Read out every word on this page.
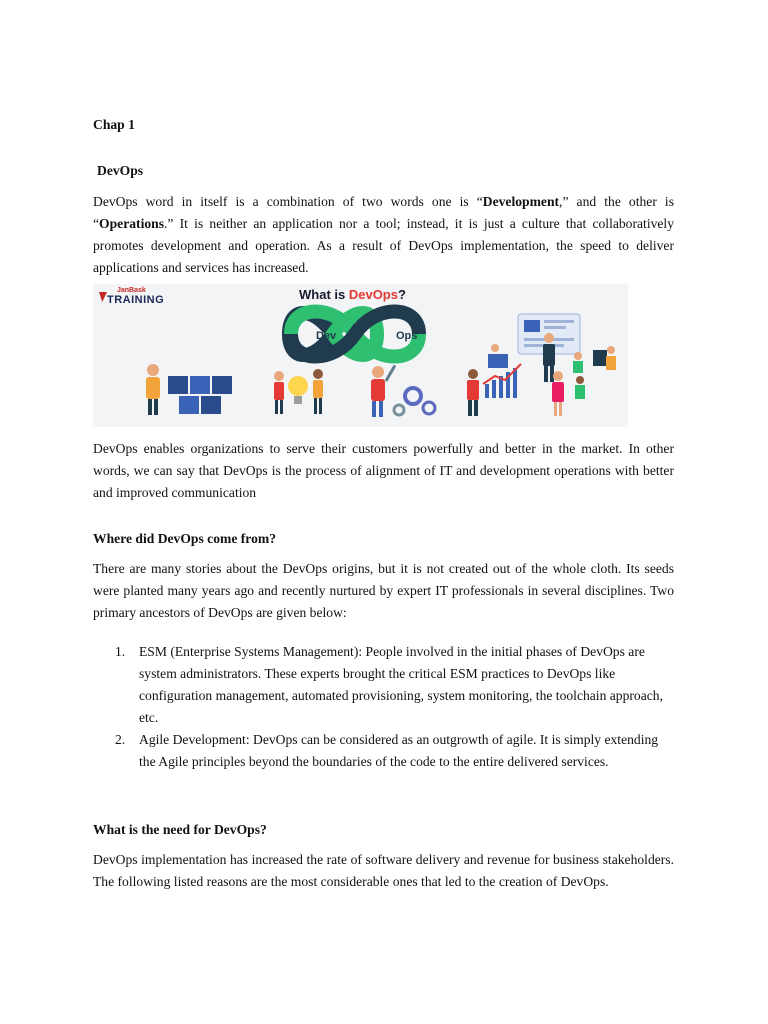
Chap 1
DevOps

DevOps word in itself is a combination of two words one is “Development,” and the other is “Operations.” It is neither an application nor a tool; instead, it is just a culture that collaboratively promotes development and operation. As a result of DevOps implementation, the speed to deliver applications and services has increased.

JanBask
TRAINING	What is DevOps?
Dev	Ops

DevOps enables organizations to serve their customers powerfully and better in the market. In other words, we can say that DevOps is the process of alignment of IT and development operations with better and improved communication

Where did DevOps come from?

There are many stories about the DevOps origins, but it is not created out of the whole cloth. Its seeds were planted many years ago and recently nurtured by expert IT professionals in several disciplines. Two primary ancestors of DevOps are given below:

1. ESM (Enterprise Systems Management): People involved in the initial phases of DevOps are system administrators. These experts brought the critical ESM practices to DevOps like configuration management, automated provisioning, system monitoring, the toolchain approach, etc.
2. Agile Development: DevOps can be considered as an outgrowth of agile. It is simply extending the Agile principles beyond the boundaries of the code to the entire delivered services.
What is the need for DevOps?

DevOps implementation has increased the rate of software delivery and revenue for business stakeholders. The following listed reasons are the most considerable ones that led to the creation of DevOps.
